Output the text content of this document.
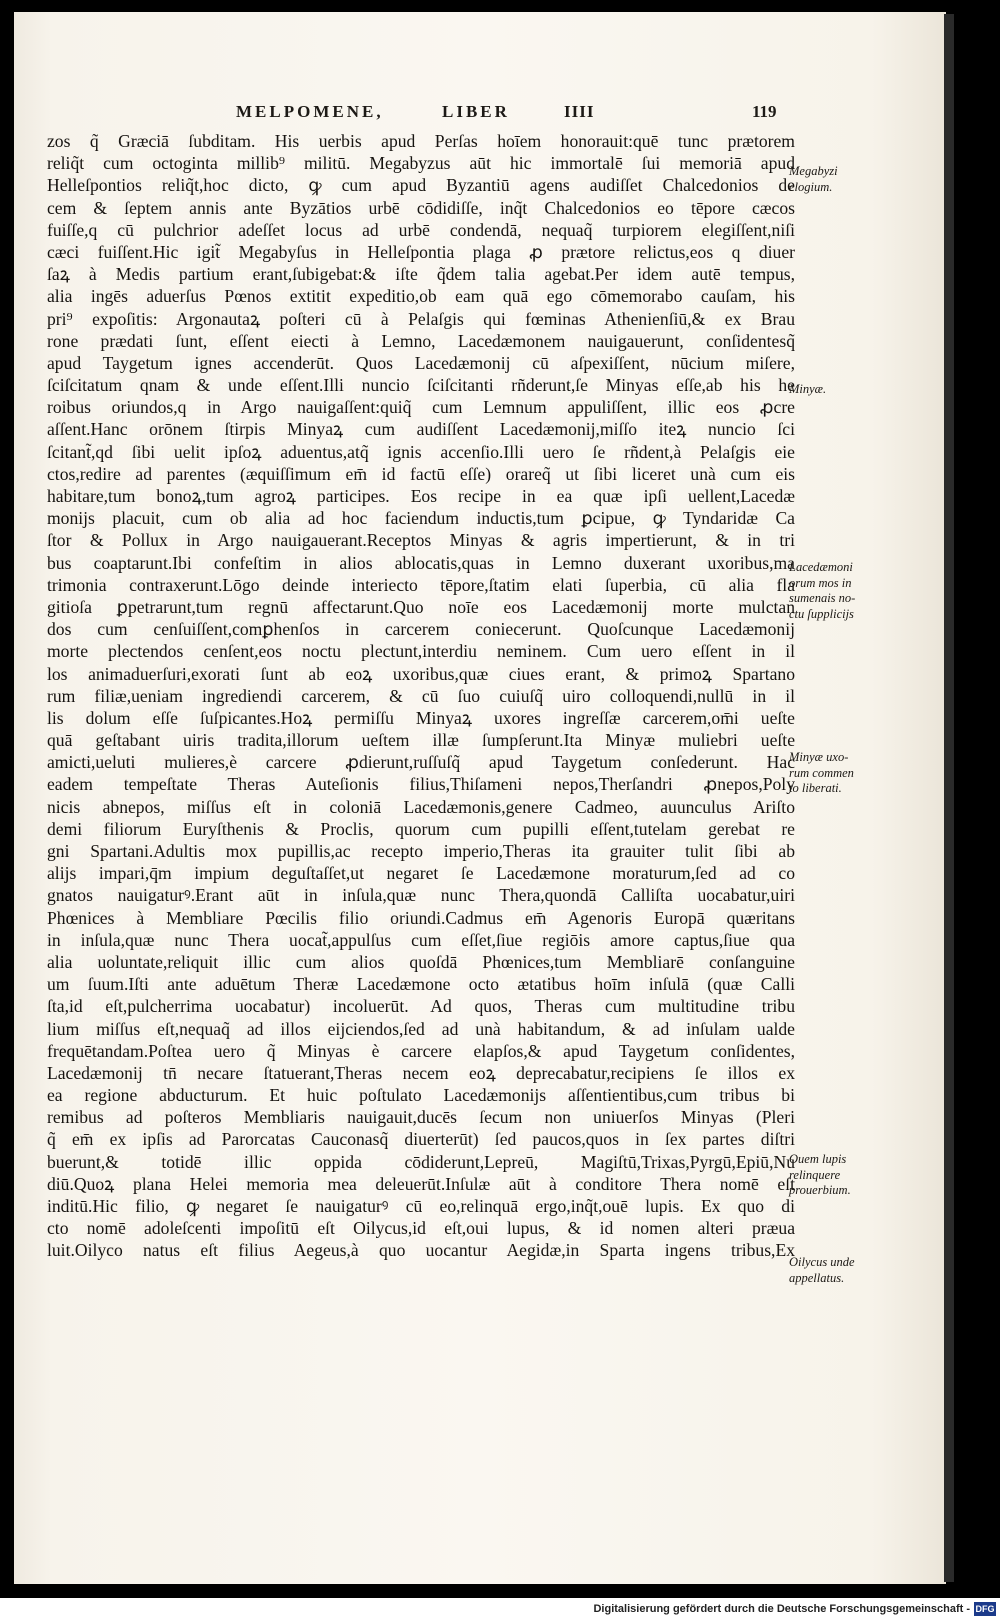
MELPOMENE,	LIBER	IIII	119
zos q̃ Græciā ſubditam. His uerbis apud Perſas hoīem honorauit:quē tunc prætorem
reliq̃t cum octoginta millib⁹ militū. Megabyzus aūt hic immortalē ſui memoriā apud
Helleſpontios reliq̃t,hoc dicto, ꝙ cum apud Byzantiū agens audiſſet Chalcedonios de
cem & ſeptem annis ante Byzātios urbē cōdidiſſe, inq̃t Chalcedonios eo tēpore cæcos
fuiſſe,q cū pulchrior adeſſet locus ad urbē condendā, nequaq̃ turpiorem elegiſſent,niſi
cæci fuiſſent.Hic igit̃ Megabyſus in Helleſpontia plaga ꝓ prætore relictus,eos q diuer
ſaꝝ à Medis partium erant,ſubigebat:& iſte q̃dem talia agebat.Per idem autē tempus,
alia ingēs aduerſus Pœnos extitit expeditio,ob eam quā ego cōmemorabo cauſam, his
pri⁹ expoſitis: Argonautaꝝ poſteri cū à Pelaſgis qui fœminas Athenienſiū,& ex Brau
rone prædati ſunt, eſſent eiecti à Lemno, Lacedæmonem nauigauerunt, conſidentesq̃
apud Taygetum ignes accenderūt. Quos Lacedæmonij cū aſpexiſſent, nūcium miſere,
ſciſcitatum qnam & unde eſſent.Illi nuncio ſciſcitanti rñderunt,ſe Minyas eſſe,ab his he
roibus oriundos,q in Argo nauigaſſent:quiq̃ cum Lemnum appuliſſent, illic eos ꝓcre
aſſent.Hanc orōnem ſtirpis Minyaꝝ cum audiſſent Lacedæmonij,miſſo iteꝝ nuncio ſci
ſcitant̃,qd ſibi uelit ipſoꝝ aduentus,atq̃ ignis accenſio.Illi uero ſe rñdent,à Pelaſgis eie
ctos,redire ad parentes (æquiſſimum em̄ id factū eſſe) orareq̃ ut ſibi liceret unà cum eis
habitare,tum bonoꝝ,tum agroꝝ participes. Eos recipe in ea quæ ipſi uellent,Lacedæ
monijs placuit, cum ob alia ad hoc faciendum inductis,tum ꝑcipue, ꝙ Tyndaridæ Ca
ſtor & Pollux in Argo nauigauerant.Receptos Minyas & agris impertierunt, & in tri
bus coaptarunt.Ibi confeſtim in alios ablocatis,quas in Lemno duxerant uxoribus,ma
trimonia contraxerunt.Lōgo deinde interiecto tēpore,ſtatim elati ſuperbia, cū alia fla
gitioſa ꝑpetrarunt,tum regnū affectarunt.Quo noīe eos Lacedæmonij morte mulctan
dos cum cenſuiſſent,comꝑhenſos in carcerem coniecerunt. Quoſcunque Lacedæmonij
morte plectendos cenſent,eos noctu plectunt,interdiu neminem. Cum uero eſſent in il
los animaduerſuri,exorati ſunt ab eoꝝ uxoribus,quæ ciues erant, & primoꝝ Spartano
rum filiæ,ueniam ingrediendi carcerem, & cū ſuo cuiuſq̃ uiro colloquendi,nullū in il
lis dolum eſſe ſuſpicantes.Hoꝝ permiſſu Minyaꝝ uxores ingreſſæ carcerem,om̄i ueſte
quā geſtabant uiris tradita,illorum ueſtem illæ ſumpſerunt.Ita Minyæ muliebri ueſte
amicti,ueluti mulieres,è carcere ꝓdierunt,ruſſuſq̃ apud Taygetum conſederunt. Hac
eadem tempeſtate Theras Auteſionis filius,Thiſameni nepos,Therſandri ꝓnepos,Poly
nicis abnepos, miſſus eſt in coloniā Lacedæmonis,genere Cadmeo, auunculus Ariſto
demi filiorum Euryſthenis & Proclis, quorum cum pupilli eſſent,tutelam gerebat re
gni Spartani.Adultis mox pupillis,ac recepto imperio,Theras ita grauiter tulit ſibi ab
alijs impari,q̄m impium deguſtaſſet,ut negaret ſe Lacedæmone moraturum,ſed ad co
gnatos nauigaturꝰ.Erant aūt in inſula,quæ nunc Thera,quondā Calliſta uocabatur,uiri
Phœnices à Membliare Pœcilis filio oriundi.Cadmus em̄ Agenoris Europā quæritans
in inſula,quæ nunc Thera uocat̃,appulſus cum eſſet,ſiue regiōis amore captus,ſiue qua
alia uoluntate,reliquit illic cum alios quoſdā Phœnices,tum Membliarē conſanguine
um ſuum.Iſti ante aduētum Theræ Lacedæmone octo ætatibus hoīm inſulā (quæ Calli
ſta,id eſt,pulcherrima uocabatur) incoluerūt. Ad quos, Theras cum multitudine tribu
lium miſſus eſt,nequaq̃ ad illos eijciendos,ſed ad unà habitandum, & ad inſulam ualde
frequētandam.Poſtea uero q̃ Minyas è carcere elapſos,& apud Taygetum conſidentes,
Lacedæmonij tn̄ necare ſtatuerant,Theras necem eoꝝ deprecabatur,recipiens ſe illos ex
ea regione abducturum. Et huic poſtulato Lacedæmonijs aſſentientibus,cum tribus bi
remibus ad poſteros Membliaris nauigauit,ducēs ſecum non uniuerſos Minyas (Pleri
q̃ em̄ ex ipſis ad Parorcatas Cauconasq̃ diuerterūt) ſed paucos,quos in ſex partes diſtri
buerunt,& totidē illic oppida cōdiderunt,Lepreū, Magiſtū,Trixas,Pyrgū,Epiū,Nu
diū.Quoꝝ plana Helei memoria mea deleuerūt.Inſulæ aūt à conditore Thera nomē eſt
inditū.Hic filio, ꝙ negaret ſe nauigaturꝰ cū eo,relinquā ergo,inq̃t,ouē lupis. Ex quo di
cto nomē adoleſcenti impoſitū eſt Oilycus,id eſt,oui lupus, & id nomen alteri præua
luit.Oilyco natus eſt filius Aegeus,à quo uocantur Aegidæ,in Sparta ingens tribus,Ex
Megabyzi
elogium.
Minyæ.
Lacedæmoni
orum mos in
sumenais no-
ctu ſupplicijs
Minyæ uxo-
rum commen
to liberati.
Ouem lupis
relinquere
prouerbium.
Oilycus unde
appellatus.
Digitalisierung gefördert durch die Deutsche Forschungsgemeinschaft - DFG
